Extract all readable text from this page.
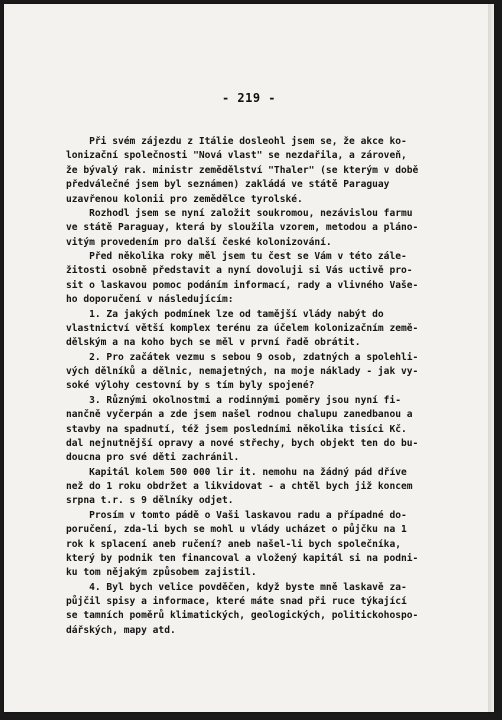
- 219 -
Při svém zájezdu z Itálie dosleohl jsem se, že akce ko-
lonizační společnosti "Nová vlast" se nezdařila, a zároveň,
že bývalý rak. ministr zemědělství "Thaler" (se kterým v době
předválečné jsem byl seznámen) zakládá ve státě Paraguay
uzavřenou kolonii pro zemědělce tyrolské.
Rozhodl jsem se nyní založit soukromou, nezávislou farmu
ve státě Paraguay, která by sloužila vzorem, metodou a pláno-
vitým provedením pro další české kolonizování.
Před několika roky měl jsem tu čest se Vám v této zále-
žitosti osobně představit a nyní dovoluji si Vás uctivě pro-
sit o laskavou pomoc podáním informací, rady a vlivného Vaše-
ho doporučení v následujícím:
1. Za jakých podmínek lze od tamější vlády nabýt do
vlastnictví větší komplex terénu za účelem kolonizačním země-
dělským a na koho bych se měl v první řadě obrátit.
2. Pro začátek vezmu s sebou 9 osob, zdatných a spolehli-
vých dělníků a dělnic, nemajetných, na moje náklady - jak vy-
soké výlohy cestovní by s tím byly spojené?
3. Různými okolnostmi a rodinnými poměry jsou nyní fi-
nančně vyčerpán a zde jsem našel rodnou chalupu zanedbanou a
stavby na spadnutí, též jsem posledními několika tisíci Kč.
dal nejnutnější opravy a nové střechy, bych objekt ten do bu-
doucna pro své děti zachránil.
Kapitál kolem 500 000 lir it. nemohu na žádný pád dříve
než do 1 roku obdržet a likvidovat - a chtěl bych již koncem
srpna t.r. s 9 dělníky odjet.
Prosím v tomto pádě o Vaši laskavou radu a případné do-
poručení, zda-li bych se mohl u vlády ucházet o půjčku na 1
rok k splacení aneb ručení? aneb našel-li bych společníka,
který by podnik ten financoval a vložený kapitál si na podni-
ku tom nějakým způsobem zajistil.
4. Byl bych velice povděčen, když byste mně laskavě za-
půjčil spisy a informace, které máte snad při ruce týkající
se tamních poměrů klimatických, geologických, politickohospo-
dářských, mapy atd.
